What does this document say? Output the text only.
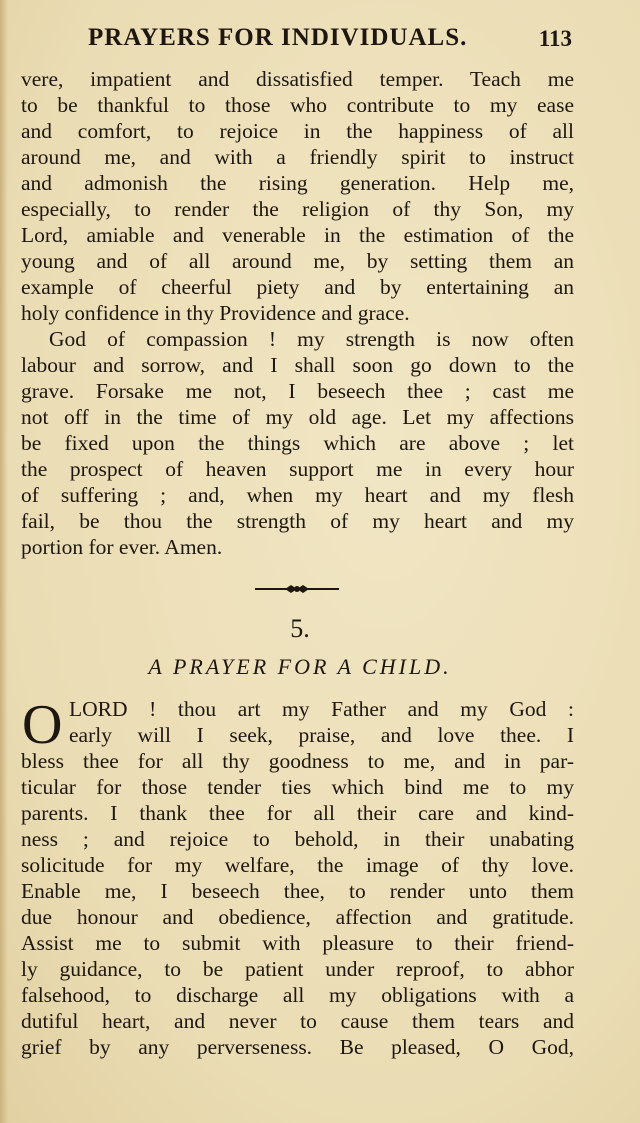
PRAYERS FOR INDIVIDUALS.	113
vere, impatient and dissatisfied temper. Teach me
to be thankful to those who contribute to my ease
and comfort, to rejoice in the happiness of all
around me, and with a friendly spirit to instruct
and admonish the rising generation. Help me,
especially, to render the religion of thy Son, my
Lord, amiable and venerable in the estimation of the
young and of all around me, by setting them an
example of cheerful piety and by entertaining an
holy confidence in thy Providence and grace.
God of compassion ! my strength is now often
labour and sorrow, and I shall soon go down to the
grave. Forsake me not, I beseech thee ; cast me
not off in the time of my old age. Let my affections
be fixed upon the things which are above ; let
the prospect of heaven support me in every hour
of suffering ; and, when my heart and my flesh
fail, be thou the strength of my heart and my
portion for ever. Amen.
5.
A PRAYER FOR A CHILD.
O LORD ! thou art my Father and my God :
early will I seek, praise, and love thee. I
bless thee for all thy goodness to me, and in par-
ticular for those tender ties which bind me to my
parents. I thank thee for all their care and kind-
ness ; and rejoice to behold, in their unabating
solicitude for my welfare, the image of thy love.
Enable me, I beseech thee, to render unto them
due honour and obedience, affection and gratitude.
Assist me to submit with pleasure to their friend-
ly guidance, to be patient under reproof, to abhor
falsehood, to discharge all my obligations with a
dutiful heart, and never to cause them tears and
grief by any perverseness. Be pleased, O God,
